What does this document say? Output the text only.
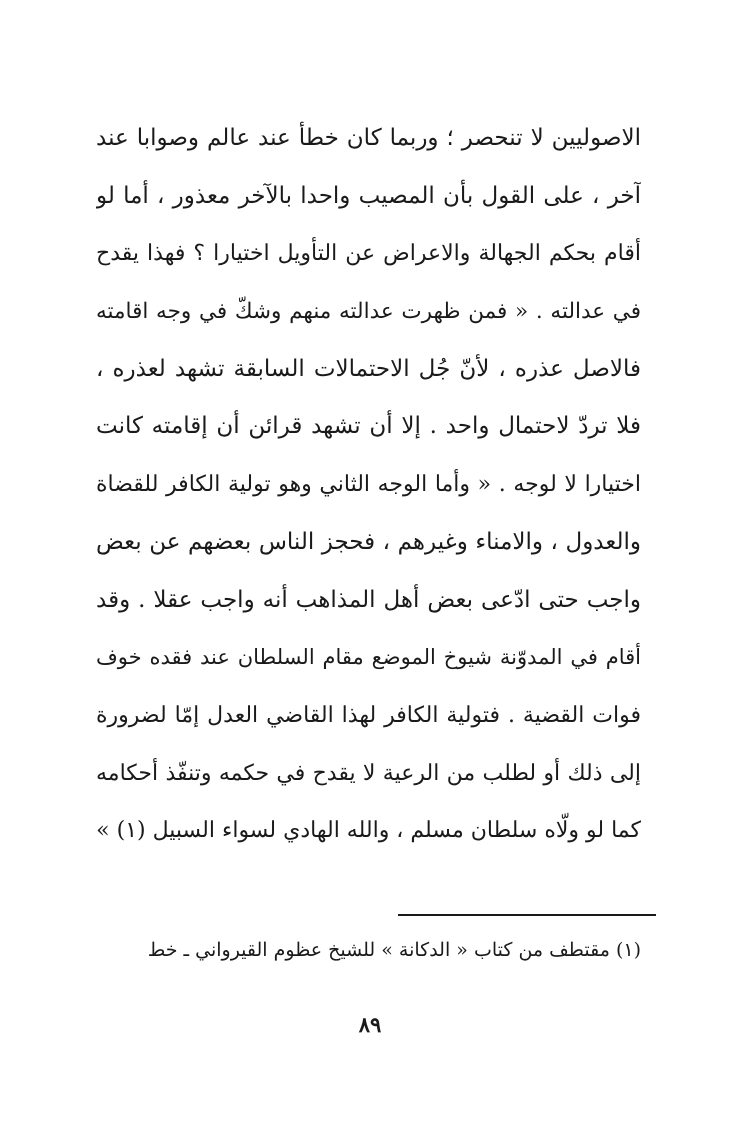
الاصوليين لا تنحصر ؛ وربما كان خطأ عند عالم وصوابا عند
آخر ، على القول بأن المصيب واحدا بالآخر معذور ، أما لو
أقام بحكم الجهالة والاعراض عن التأويل اختيارا ؟ فهذا يقدح
في عدالته . « فمن ظهرت عدالته منهم وشكّ في وجه اقامته
فالاصل عذره ، لأنّ جُل الاحتمالات السابقة تشهد لعذره ،
فلا تردّ لاحتمال واحد . إلا أن تشهد قرائن أن إقامته كانت
اختيارا لا لوجه . « وأما الوجه الثاني وهو تولية الكافر للقضاة
والعدول ، والامناء وغيرهم ، فحجز الناس بعضهم عن بعض
واجب حتى ادّعى بعض أهل المذاهب أنه واجب عقلا . وقد
أقام في المدوّنة شيوخ الموضع مقام السلطان عند فقده خوف
فوات القضية . فتولية الكافر لهذا القاضي العدل إمّا لضرورة
إلى ذلك أو لطلب من الرعية لا يقدح في حكمه وتنفّذ أحكامه
كما لو ولّاه سلطان مسلم ، والله الهادي لسواء السبيل (١) »
(١) مقتطف من كتاب « الدكانة » للشيخ عظوم القيرواني ـ خط
٨٩
